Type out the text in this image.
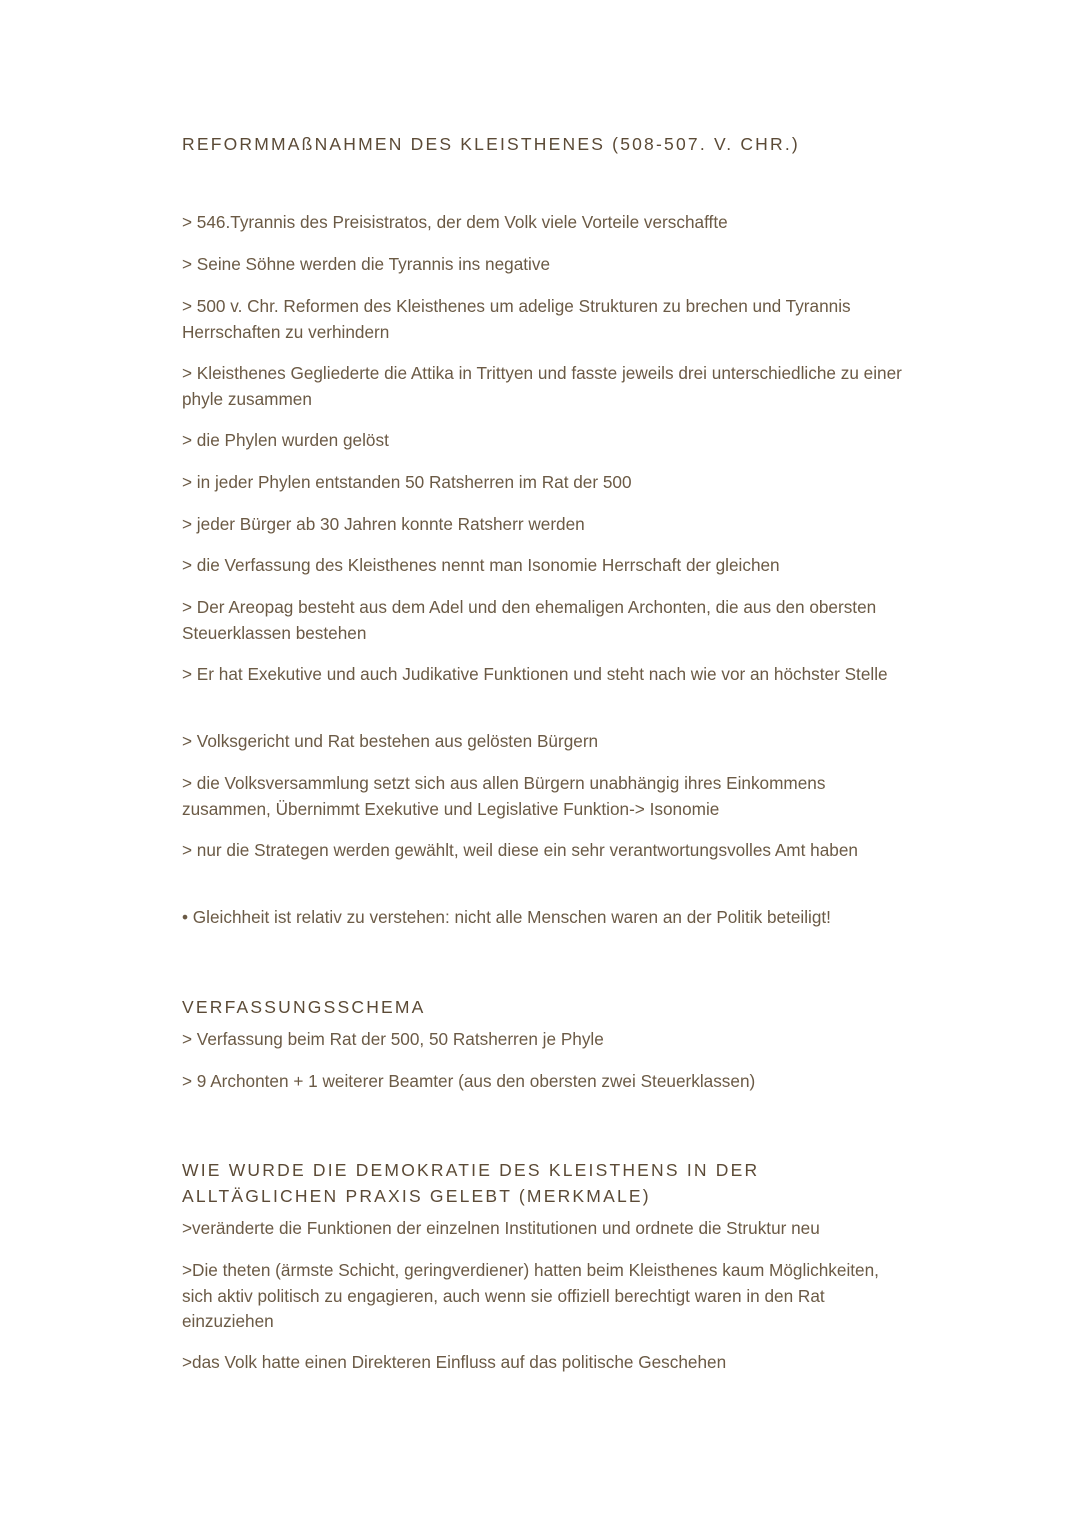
REFORMMAßNAHMEN DES KLEISTHENES (508-507. V. CHR.)

> 546.Tyrannis des Preisistratos, der dem Volk viele Vorteile verschaffte

> Seine Söhne werden die Tyrannis ins negative

> 500 v. Chr. Reformen des Kleisthenes um adelige Strukturen zu brechen und Tyrannis Herrschaften zu verhindern

> Kleisthenes Gegliederte die Attika in Trittyen und fasste jeweils drei unterschiedliche zu einer phyle zusammen

> die Phylen wurden gelöst

> in jeder Phylen entstanden 50 Ratsherren im Rat der 500

> jeder Bürger ab 30 Jahren konnte Ratsherr werden

> die Verfassung des Kleisthenes nennt man Isonomie Herrschaft der gleichen

> Der Areopag besteht aus dem Adel und den ehemaligen Archonten, die aus den obersten Steuerklassen bestehen

> Er hat Exekutive und auch Judikative Funktionen und steht nach wie vor an höchster Stelle

> Volksgericht und Rat bestehen aus gelösten Bürgern

> die Volksversammlung setzt sich aus allen Bürgern unabhängig ihres Einkommens zusammen, Übernimmt Exekutive und Legislative Funktion-> Isonomie

> nur die Strategen werden gewählt, weil diese ein sehr verantwortungsvolles Amt haben

• Gleichheit ist relativ zu verstehen: nicht alle Menschen waren an der Politik beteiligt!

VERFASSUNGSSCHEMA

> Verfassung beim Rat der 500, 50 Ratsherren je Phyle

> 9 Archonten + 1 weiterer Beamter (aus den obersten zwei Steuerklassen)

WIE WURDE DIE DEMOKRATIE DES KLEISTHENS IN DER ALLTÄGLICHEN PRAXIS GELEBT (MERKMALE)

>veränderte die Funktionen der einzelnen Institutionen und ordnete die Struktur neu

>Die theten (ärmste Schicht, geringverdiener) hatten beim Kleisthenes kaum Möglichkeiten, sich aktiv politisch zu engagieren, auch wenn sie offiziell berechtigt waren in den Rat einzuziehen

>das Volk hatte einen Direkteren Einfluss auf das politische Geschehen
